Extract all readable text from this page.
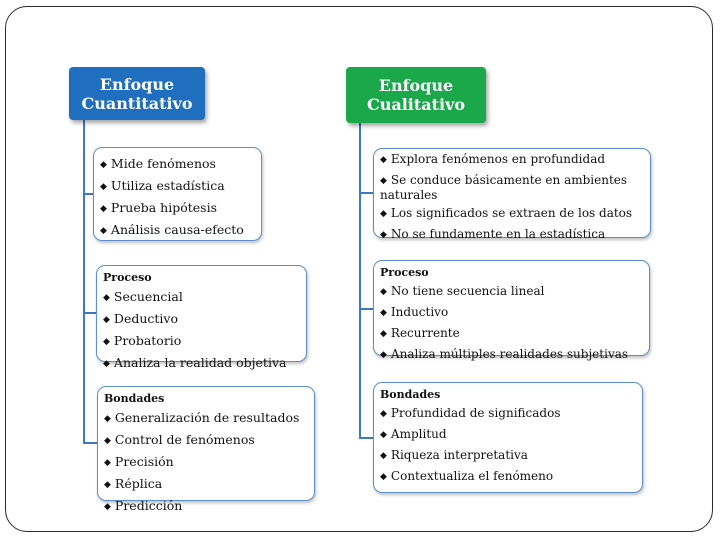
Enfoque Cuantitativo
Enfoque Cualitativo
◆ Mide fenómenos
◆ Utiliza estadística
◆ Prueba hipótesis
◆ Análisis causa-efecto
Proceso
◆ Secuencial
◆ Deductivo
◆ Probatorio
◆ Analiza la realidad objetiva
Bondades
◆ Generalización de resultados
◆ Control de fenómenos
◆ Precisión
◆ Réplica
◆ Predicción
◆ Explora fenómenos en profundidad
◆ Se conduce básicamente en ambientes naturales
◆ Los significados se extraen de los datos
◆ No se fundamente en la estadística
Proceso
◆ No tiene secuencia lineal
◆ Inductivo
◆ Recurrente
◆ Analiza múltiples realidades subjetivas
Bondades
◆ Profundidad de significados
◆ Amplitud
◆ Riqueza interpretativa
◆ Contextualiza el fenómeno
